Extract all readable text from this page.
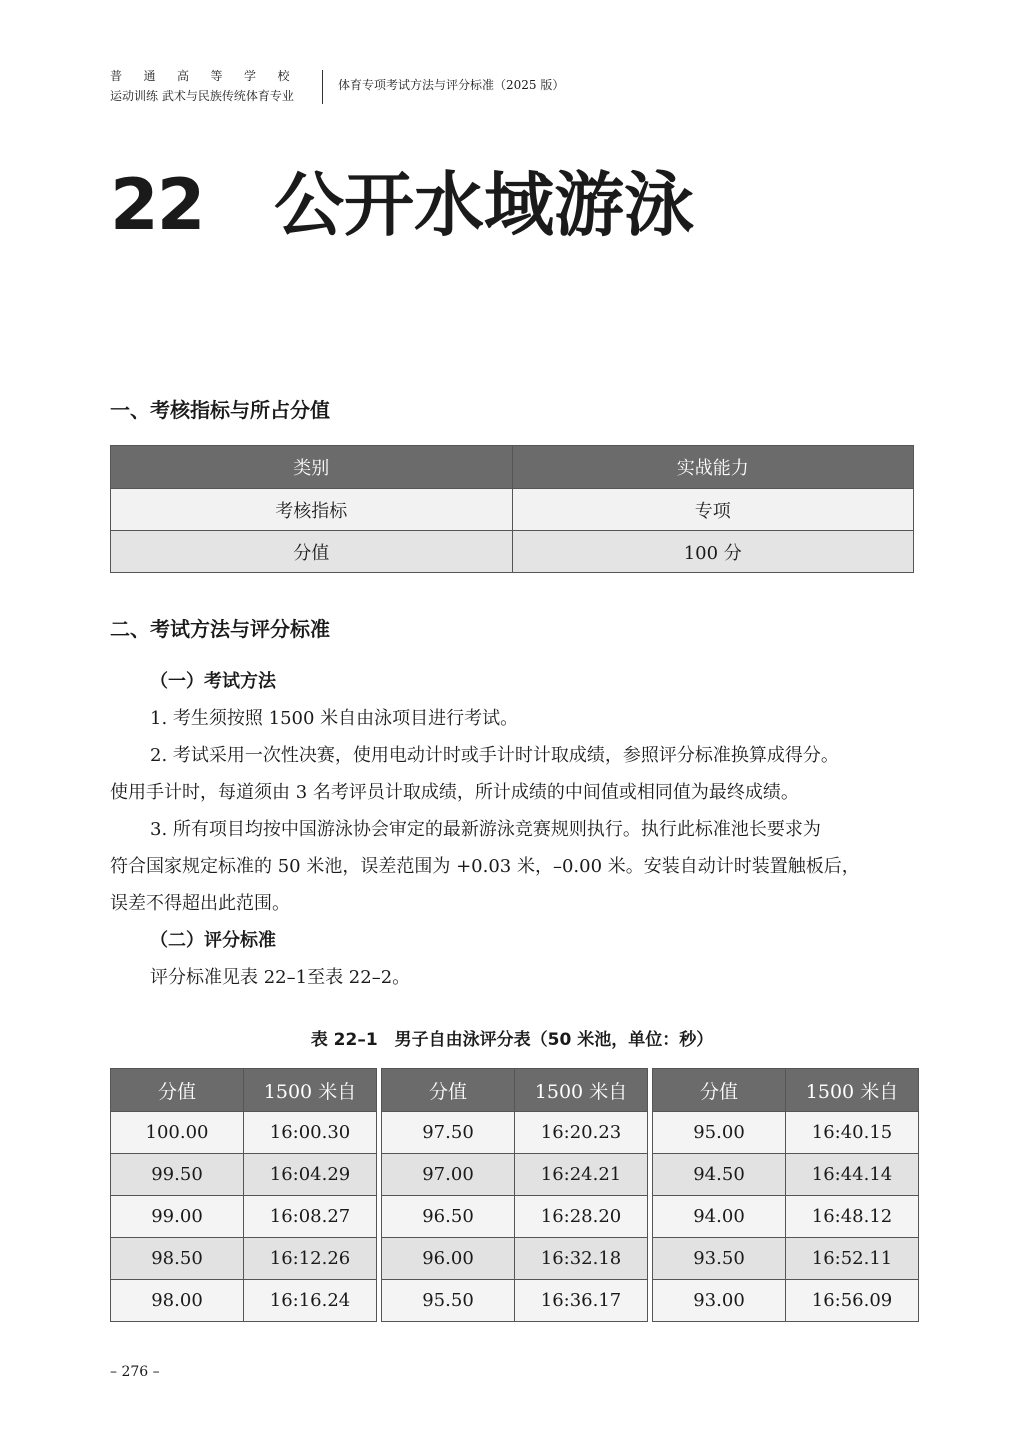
普通高等学校
运动训练 武术与民族传统体育专业
体育专项考试方法与评分标准（2025 版）
22 公开水域游泳
一、考核指标与所占分值
类别	实战能力
考核指标	专项
分值	100 分
二、考试方法与评分标准
（一）考试方法
1. 考生须按照 1500 米自由泳项目进行考试。
2. 考试采用一次性决赛，使用电动计时或手计时计取成绩，参照评分标准换算成得分。
使用手计时，每道须由 3 名考评员计取成绩，所计成绩的中间值或相同值为最终成绩。
3. 所有项目均按中国游泳协会审定的最新游泳竞赛规则执行。执行此标准池长要求为
符合国家规定标准的 50 米池，误差范围为 +0.03 米，–0.00 米。安装自动计时装置触板后，
误差不得超出此范围。
（二）评分标准
评分标准见表 22–1至表 22–2。
表 22–1　男子自由泳评分表（50 米池，单位：秒）
分值	1500 米自
100.00	16:00.30
99.50	16:04.29
99.00	16:08.27
98.50	16:12.26
98.00	16:16.24
分值	1500 米自
97.50	16:20.23
97.00	16:24.21
96.50	16:28.20
96.00	16:32.18
95.50	16:36.17
分值	1500 米自
95.00	16:40.15
94.50	16:44.14
94.00	16:48.12
93.50	16:52.11
93.00	16:56.09
– 276 –
